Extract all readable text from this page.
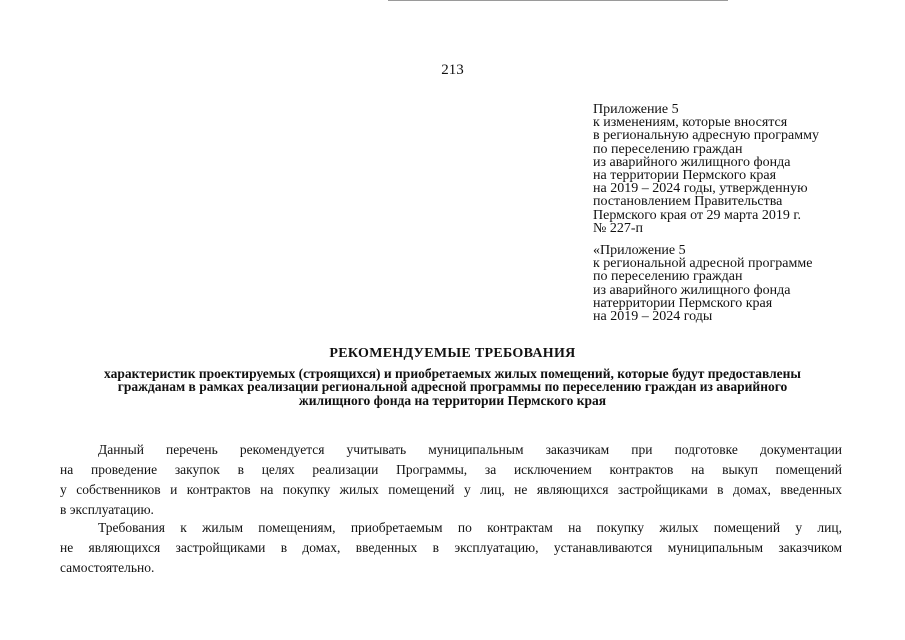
213
Приложение 5
к изменениям, которые вносятся
в региональную адресную программу
по переселению граждан
из аварийного жилищного фонда
на территории Пермского края
на 2019 – 2024 годы, утвержденную
постановлением Правительства
Пермского края от 29 марта 2019 г.
№ 227-п
«Приложение 5
к региональной адресной программе
по переселению граждан
из аварийного жилищного фонда
натерритории Пермского края
на 2019 – 2024 годы
РЕКОМЕНДУЕМЫЕ ТРЕБОВАНИЯ
характеристик проектируемых (строящихся) и приобретаемых жилых помещений, которые будут предоставлены
гражданам в рамках реализации региональной адресной программы по переселению граждан из аварийного
жилищного фонда на территории Пермского края
Данный перечень рекомендуется учитывать муниципальным заказчикам при подготовке документации
на проведение закупок в целях реализации Программы, за исключением контрактов на выкуп помещений
у собственников и контрактов на покупку жилых помещений у лиц, не являющихся застройщиками в домах, введенных
в эксплуатацию.
Требования к жилым помещениям, приобретаемым по контрактам на покупку жилых помещений у лиц,
не являющихся застройщиками в домах, введенных в эксплуатацию, устанавливаются муниципальным заказчиком
самостоятельно.
